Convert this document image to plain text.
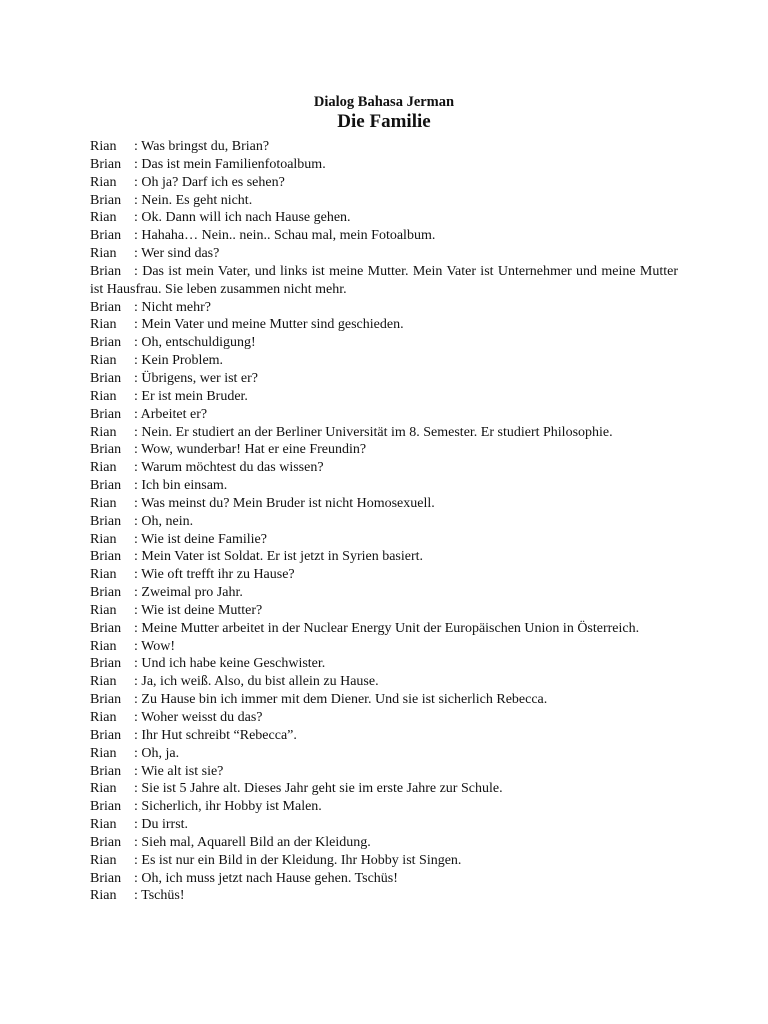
Dialog Bahasa Jerman
Die Familie
Rian	: Was bringst du, Brian?
Brian : Das ist mein Familienfotoalbum.
Rian	: Oh ja? Darf ich es sehen?
Brian : Nein. Es geht nicht.
Rian	: Ok. Dann will ich nach Hause gehen.
Brian : Hahaha… Nein.. nein.. Schau mal, mein Fotoalbum.
Rian	: Wer sind das?
Brian : Das ist mein Vater, und links ist meine Mutter. Mein Vater ist Unternehmer und meine Mutter ist Hausfrau. Sie leben zusammen nicht mehr.
Brian : Nicht mehr?
Rian	: Mein Vater und meine Mutter sind geschieden.
Brian : Oh, entschuldigung!
Rian	: Kein Problem.
Brian : Übrigens, wer ist er?
Rian	: Er ist mein Bruder.
Brian : Arbeitet er?
Rian	: Nein. Er studiert an der Berliner Universität im 8. Semester. Er studiert Philosophie.
Brian : Wow, wunderbar! Hat er eine Freundin?
Rian	: Warum möchtest du das wissen?
Brian : Ich bin einsam.
Rian	: Was meinst du? Mein Bruder ist nicht Homosexuell.
Brian : Oh, nein.
Rian	: Wie ist deine Familie?
Brian : Mein Vater ist Soldat. Er ist jetzt in Syrien basiert.
Rian	: Wie oft trefft ihr zu Hause?
Brian : Zweimal pro Jahr.
Rian	: Wie ist deine Mutter?
Brian : Meine Mutter arbeitet in der Nuclear Energy Unit der Europäischen Union in Österreich.
Rian	: Wow!
Brian : Und ich habe keine Geschwister.
Rian	: Ja, ich weiß. Also, du bist allein zu Hause.
Brian : Zu Hause bin ich immer mit dem Diener. Und sie ist sicherlich Rebecca.
Rian	: Woher weisst du das?
Brian : Ihr Hut schreibt “Rebecca”.
Rian	: Oh, ja.
Brian : Wie alt ist sie?
Rian	: Sie ist 5 Jahre alt. Dieses Jahr geht sie im erste Jahre zur Schule.
Brian : Sicherlich, ihr Hobby ist Malen.
Rian	: Du irrst.
Brian : Sieh mal, Aquarell Bild an der Kleidung.
Rian	: Es ist nur ein Bild in der Kleidung. Ihr Hobby ist Singen.
Brian : Oh, ich muss jetzt nach Hause gehen. Tschüs!
Rian	: Tschüs!
